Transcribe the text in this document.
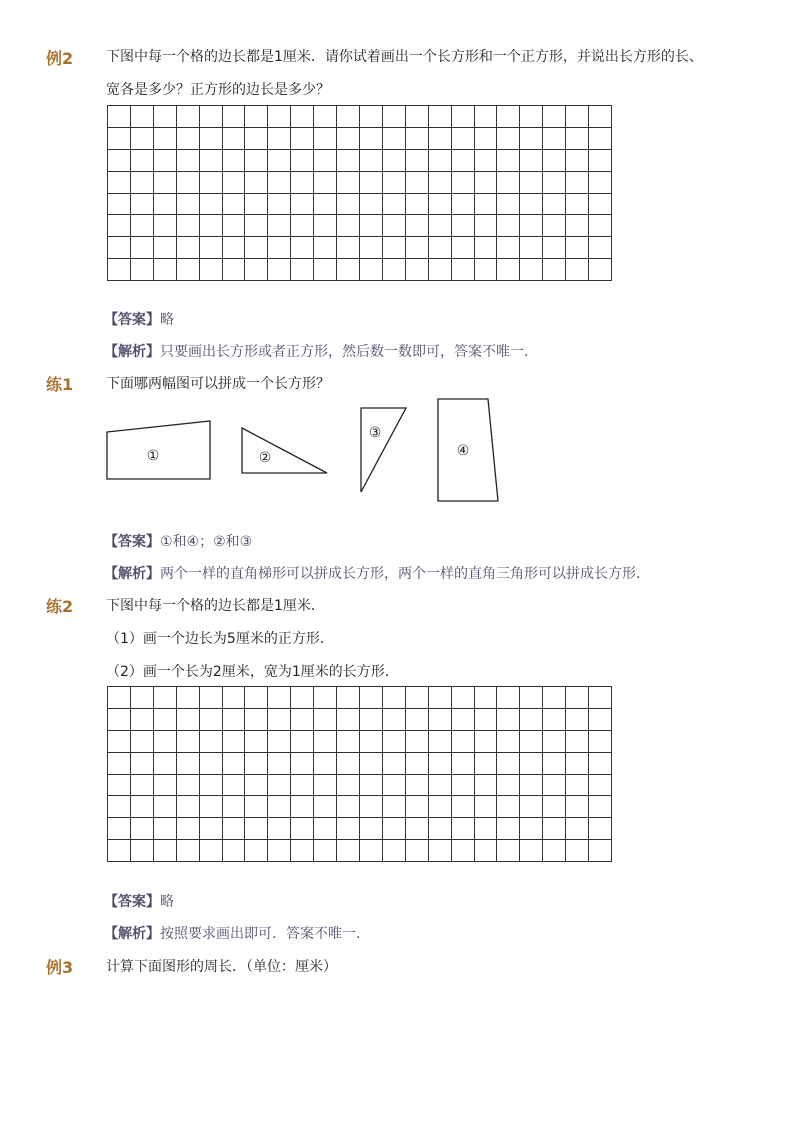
例2 下图中每一个格的边长都是1厘米．请你试着画出一个长方形和一个正方形，并说出长方形的长、
宽各是多少？正方形的边长是多少？
【答案】略
【解析】只要画出长方形或者正方形，然后数一数即可，答案不唯一．
练1 下面哪两幅图可以拼成一个长方形？
①	②
③
④
【答案】①和④；②和③
【解析】两个一样的直角梯形可以拼成长方形，两个一样的直角三角形可以拼成长方形．
练2 下图中每一个格的边长都是1厘米．
（1）画一个边长为5厘米的正方形．
（2）画一个长为2厘米，宽为1厘米的长方形．
【答案】略
【解析】按照要求画出即可．答案不唯一．
例3 计算下面图形的周长．（单位：厘米）
